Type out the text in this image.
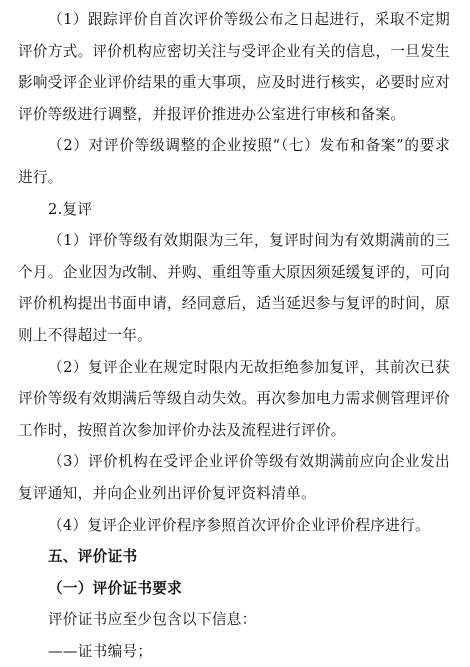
（1）跟踪评价自首次评价等级公布之日起进行，采取不定期评价方式。评价机构应密切关注与受评企业有关的信息，一旦发生影响受评企业评价结果的重大事项，应及时进行核实，必要时应对评价等级进行调整，并报评价推进办公室进行审核和备案。

（2）对评价等级调整的企业按照“（七）发布和备案”的要求进行。

2.复评

（1）评价等级有效期限为三年，复评时间为有效期满前的三个月。企业因为改制、并购、重组等重大原因须延缓复评的，可向评价机构提出书面申请，经同意后，适当延迟参与复评的时间，原则上不得超过一年。

（2）复评企业在规定时限内无故拒绝参加复评，其前次已获评价等级有效期满后等级自动失效。再次参加电力需求侧管理评价工作时，按照首次参加评价办法及流程进行评价。

（3）评价机构在受评企业评价等级有效期满前应向企业发出复评通知，并向企业列出评价复评资料清单。

（4）复评企业评价程序参照首次评价企业评价程序进行。

五、评价证书

（一）评价证书要求

评价证书应至少包含以下信息：

——证书编号；
